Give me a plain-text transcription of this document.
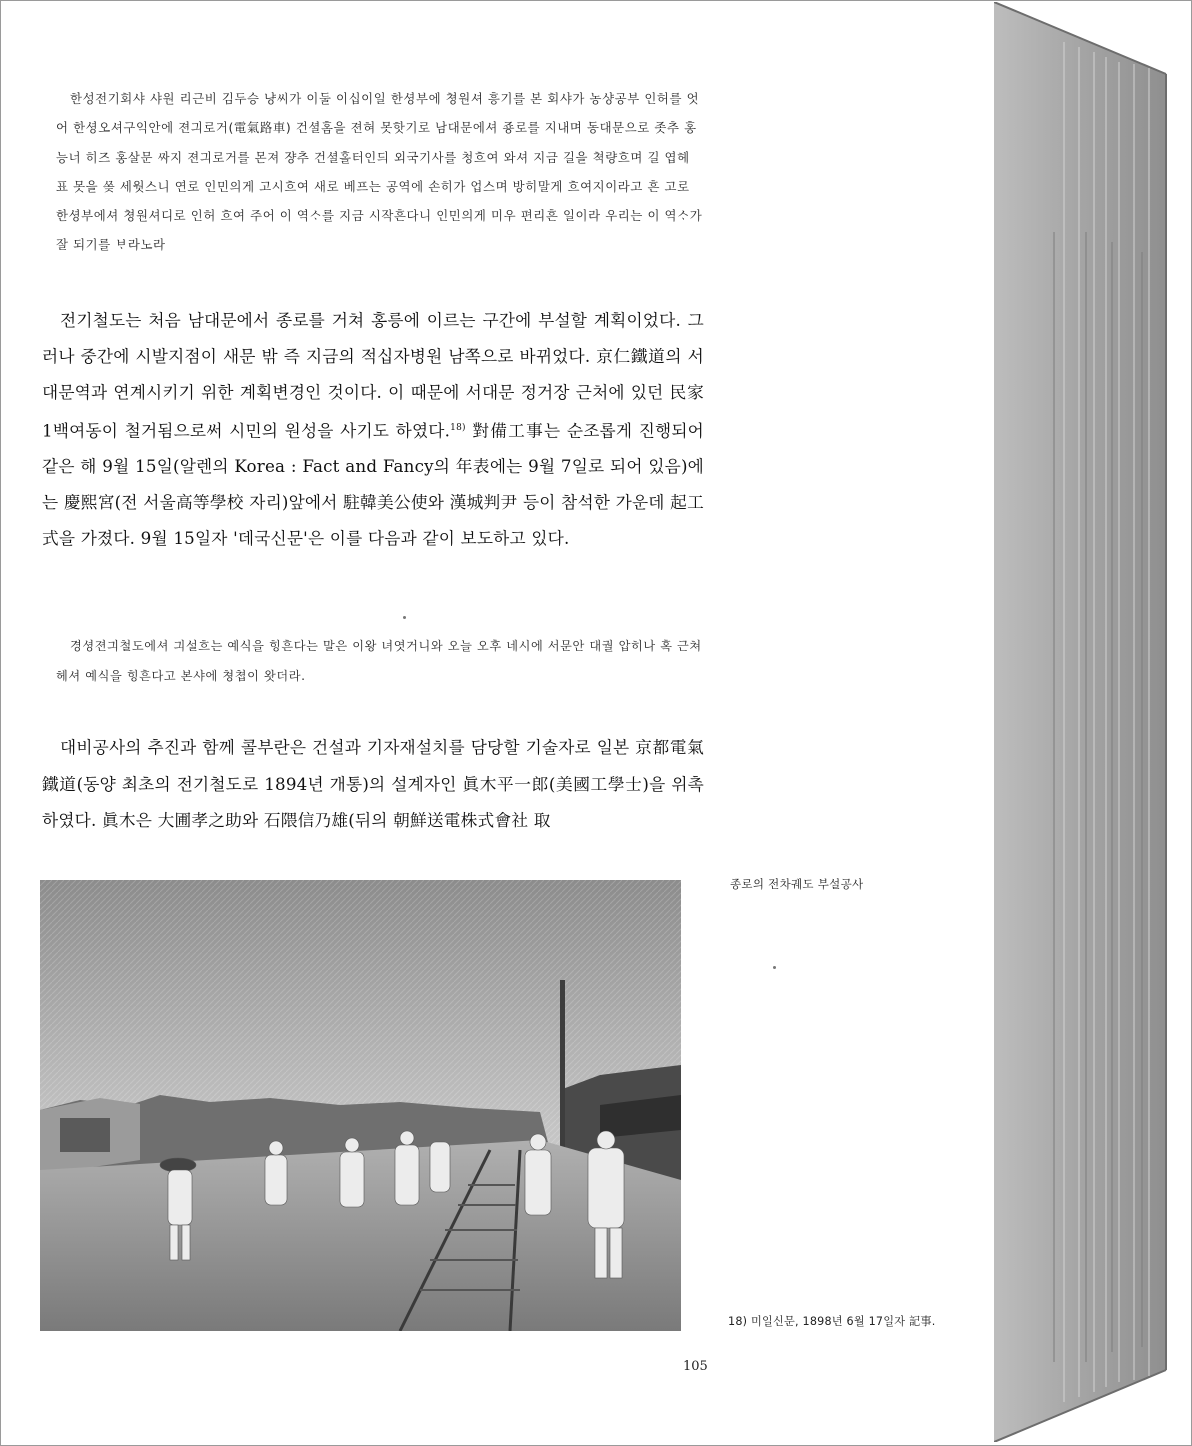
한성전기회샤 샤원 리근비 김두승 냥씨가 이둘 이십이일 한셩부에 쳥원셔 흥기를 본 회샤가 농샹공부 인허를 엇어 한셩오셔구익안에 젼긔로거(電氣路車) 건셜홈을 젼혀 못핫기로 남대문에셔 죵로를 지내며 동대문으로 좃추 홍능너 히즈 홍살문 ᄶᅡ지 젼긔로거를 몬져 쟝추 건셜홀터인듸 외국기사를 청흐여 와셔 지금 길을 쳑량흐며 길 엽헤 표 못을 ᄶᅩᆽ 세웟스니 연로 인민의게 고시흐여 새로 베프는 공역에 손히가 업스며 방히말게 흐여지이라고 흔 고로 한셩부에셔 쳥원셔디로 인허 흐여 주어 이 역ᄉᆞ를 지금 시작흔다니 인민의게 미우 편리흔 일이라 우리는 이 역ᄉᆞ가 잘 되기를 ᄇᆞ라노라
전기철도는 처음 남대문에서 종로를 거쳐 홍릉에 이르는 구간에 부설할 계획이었다. 그러나 중간에 시발지점이 새문 밖 즉 지금의 적십자병원 남쪽으로 바뀌었다. 京仁鐵道의 서대문역과 연계시키기 위한 계획변경인 것이다. 이 때문에 서대문 정거장 근처에 있던 民家 1백여동이 철거됨으로써 시민의 원성을 사기도 하였다.$^{18)}$ 對備工事는 순조롭게 진행되어 같은 해 9월 15일(알렌의 Korea : Fact and Fancy의 年表에는 9월 7일로 되어 있음)에는 慶熙宮(전 서울高等學校 자리)앞에서 駐韓美公使와 漢城判尹 등이 참석한 가운데 起工式을 가졌다. 9월 15일자 '데국신문'은 이를 다음과 같이 보도하고 있다.
경셩젼긔철도에셔 긔설흐는 예식을 힝흔다는 말은 이왕 녀엿거니와 오늘 오후 네시에 서문안 대궐 압히나 혹 근쳐헤셔 예식을 힝흔다고 본샤에 쳥쳡이 왓더라.
대비공사의 추진과 함께 콜부란은 건설과 기자재설치를 담당할 기술자로 일본 京都電氣鐵道(동양 최초의 전기철도로 1894년 개통)의 설계자인 眞木平一郎(美國工學士)을 위촉하였다. 眞木은 大圃孝之助와 石隈信乃雄(뒤의 朝鮮送電株式會社 取
종로의 전차궤도 부설공사
18) 미일신문, 1898년 6월 17일자 記事.
105
